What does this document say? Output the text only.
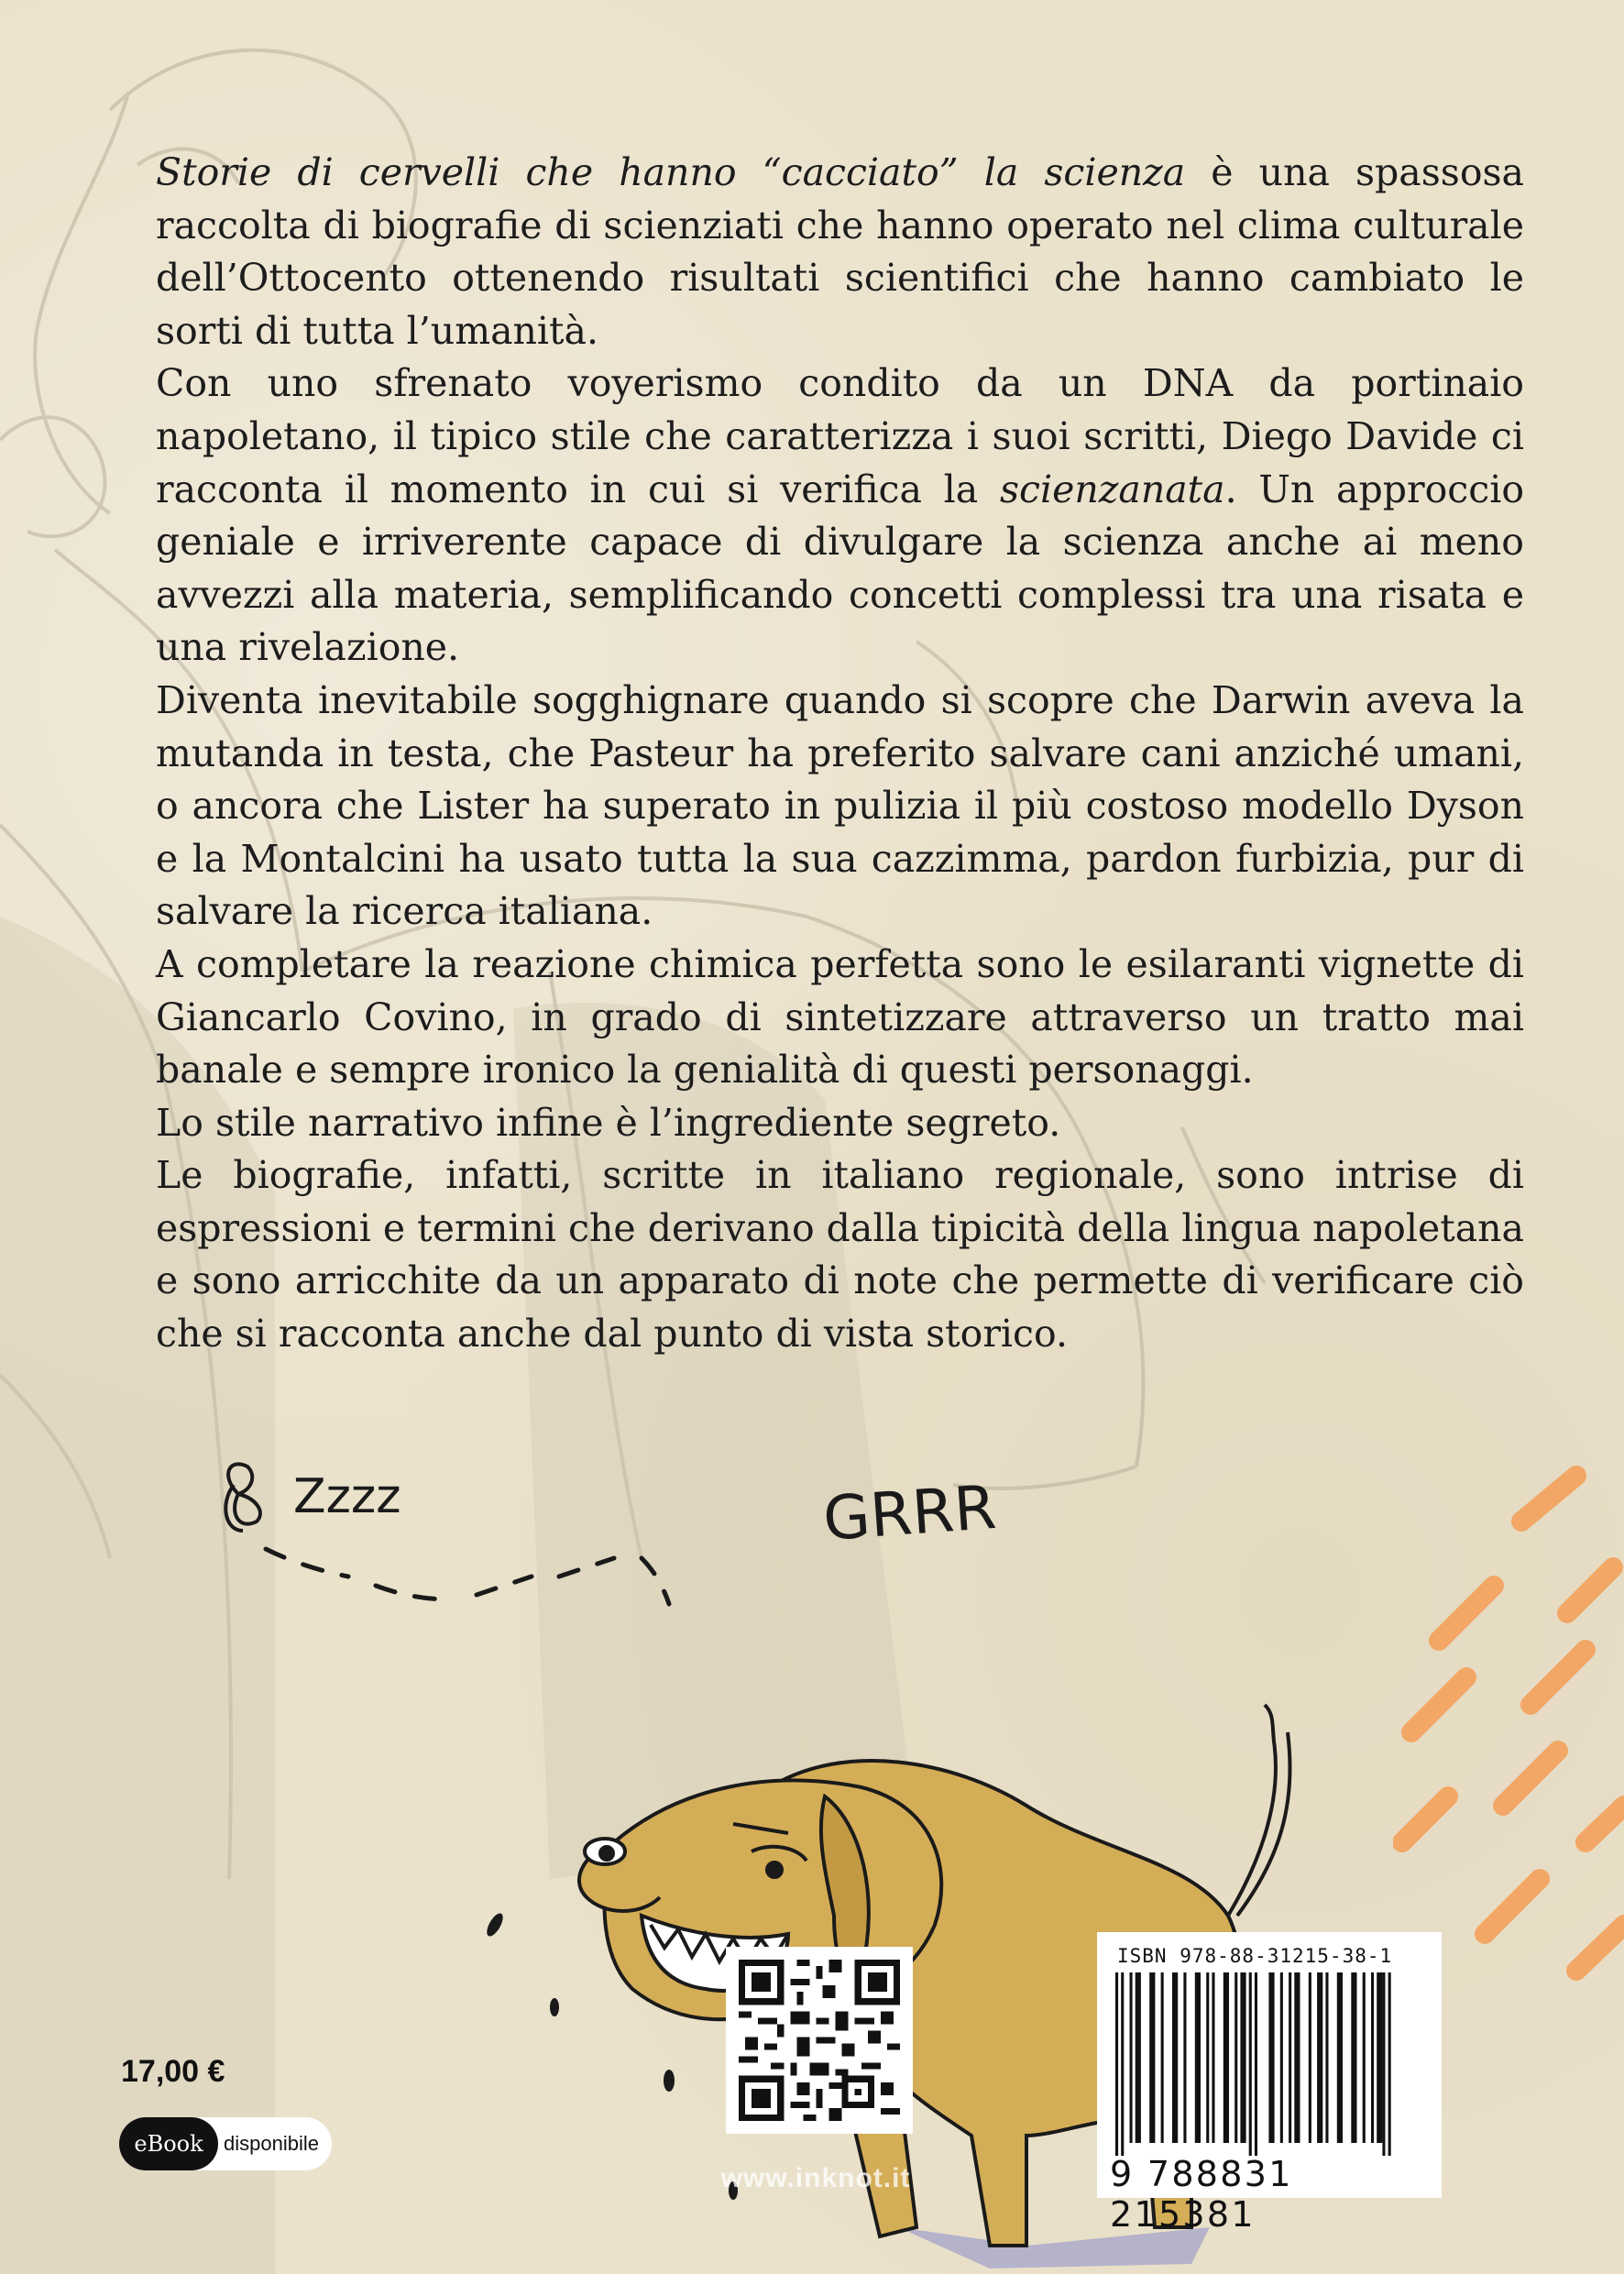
Storie di cervelli che hanno “cacciato” la scienza è una spassosa raccolta di biografie di scienziati che hanno operato nel clima culturale dell’Ottocento ottenendo risultati scientifici che hanno cambiato le sorti di tutta l’umanità.

Con uno sfrenato voyerismo condito da un DNA da portinaio napoletano, il tipico stile che caratterizza i suoi scritti, Diego Davide ci racconta il momento in cui si verifica la scienzanata. Un approccio geniale e irriverente capace di divulgare la scienza anche ai meno avvezzi alla materia, semplificando concetti complessi tra una risata e una rivelazione.

Diventa inevitabile sogghignare quando si scopre che Darwin aveva la mutanda in testa, che Pasteur ha preferito salvare cani anziché umani, o ancora che Lister ha superato in pulizia il più costoso modello Dyson e la Montalcini ha usato tutta la sua cazzimma, pardon furbizia, pur di salvare la ricerca italiana.

A completare la reazione chimica perfetta sono le esilaranti vignette di Giancarlo Covino, in grado di sintetizzare attraverso un tratto mai banale e sempre ironico la genialità di questi personaggi.

Lo stile narrativo infine è l’ingrediente segreto.

Le biografie, infatti, scritte in italiano regionale, sono intrise di espressioni e termini che derivano dalla tipicità della lingua napoletana e sono arricchite da un apparato di note che permette di verificare ciò che si racconta anche dal punto di vista storico.

Zzzz	GRRR
ISBN 978-88-31215-38-1
9 788831 215381
17,00 €
eBook	disponibile
www.inknot.it
